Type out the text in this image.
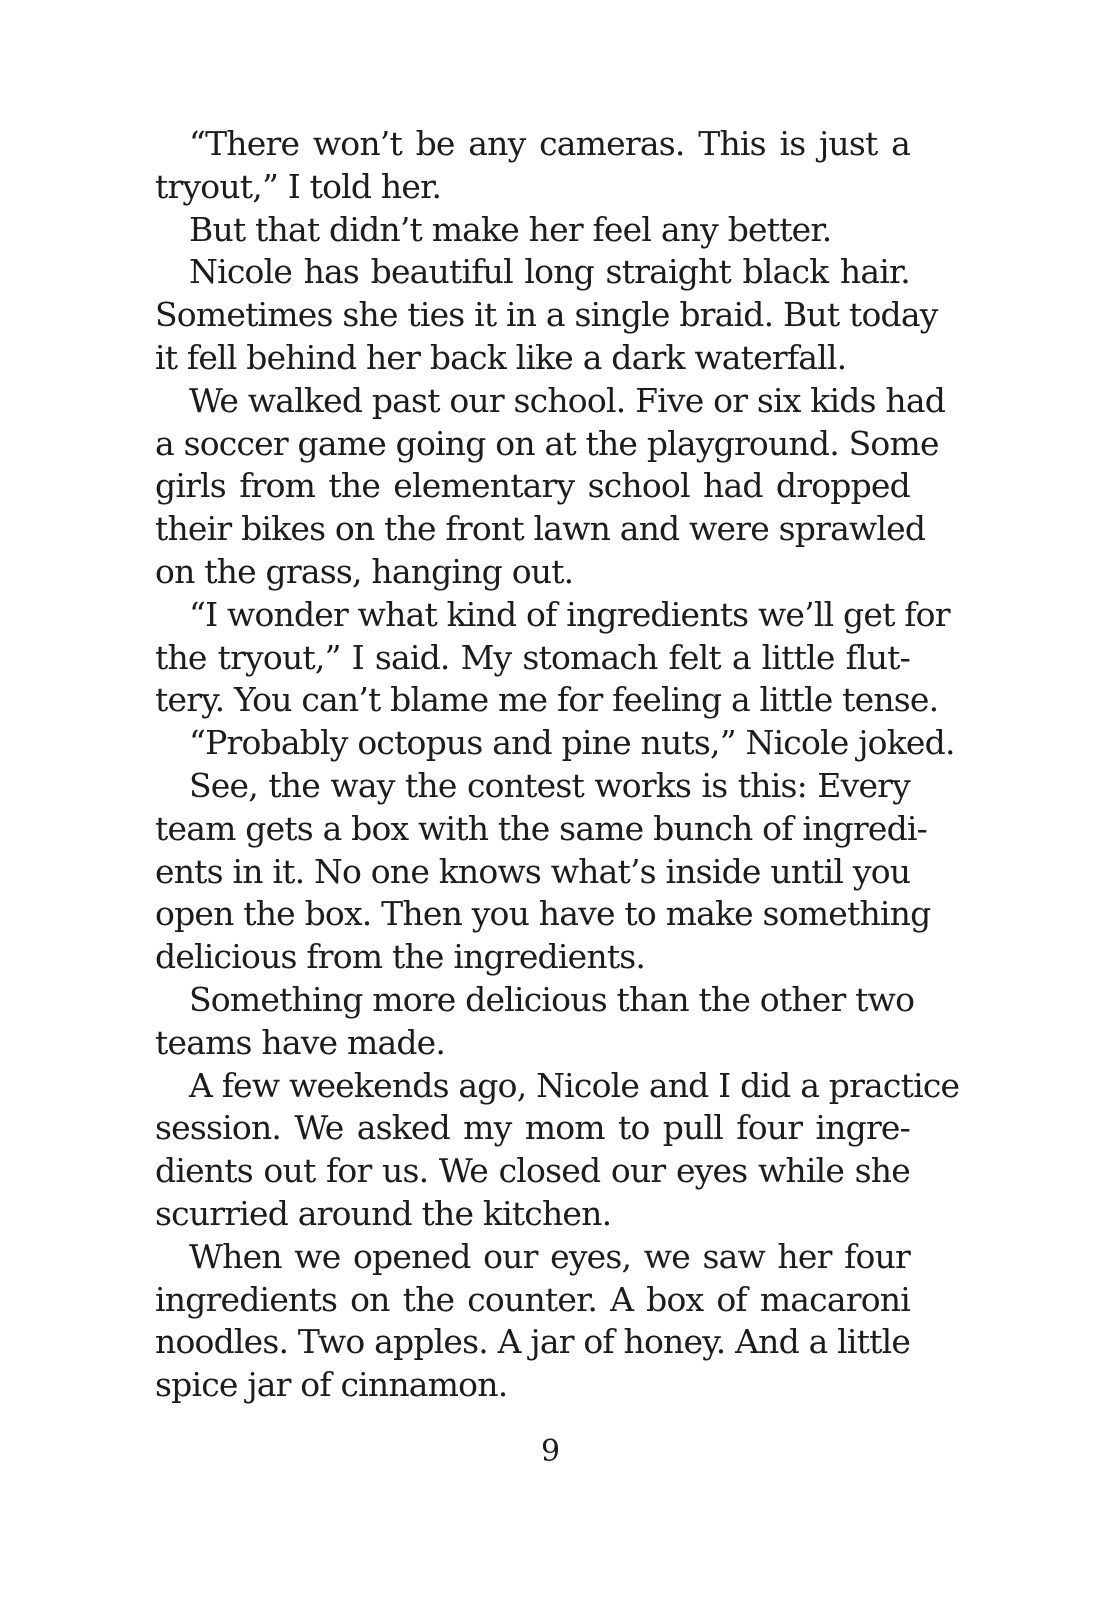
“There won’t be any cameras. This is just a
tryout,” I told her.
But that didn’t make her feel any better.
Nicole has beautiful long straight black hair.
Sometimes she ties it in a single braid. But today
it fell behind her back like a dark waterfall.
We walked past our school. Five or six kids had
a soccer game going on at the playground. Some
girls from the elementary school had dropped
their bikes on the front lawn and were sprawled
on the grass, hanging out.
“I wonder what kind of ingredients we’ll get for
the tryout,” I said. My stomach felt a little flut-
tery. You can’t blame me for feeling a little tense.
“Probably octopus and pine nuts,” Nicole joked.
See, the way the contest works is this: Every
team gets a box with the same bunch of ingredi-
ents in it. No one knows what’s inside until you
open the box. Then you have to make something
delicious from the ingredients.
Something more delicious than the other two
teams have made.
A few weekends ago, Nicole and I did a practice
session. We asked my mom to pull four ingre-
dients out for us. We closed our eyes while she
scurried around the kitchen.
When we opened our eyes, we saw her four
ingredients on the counter. A box of macaroni
noodles. Two apples. A jar of honey. And a little
spice jar of cinnamon.
9
